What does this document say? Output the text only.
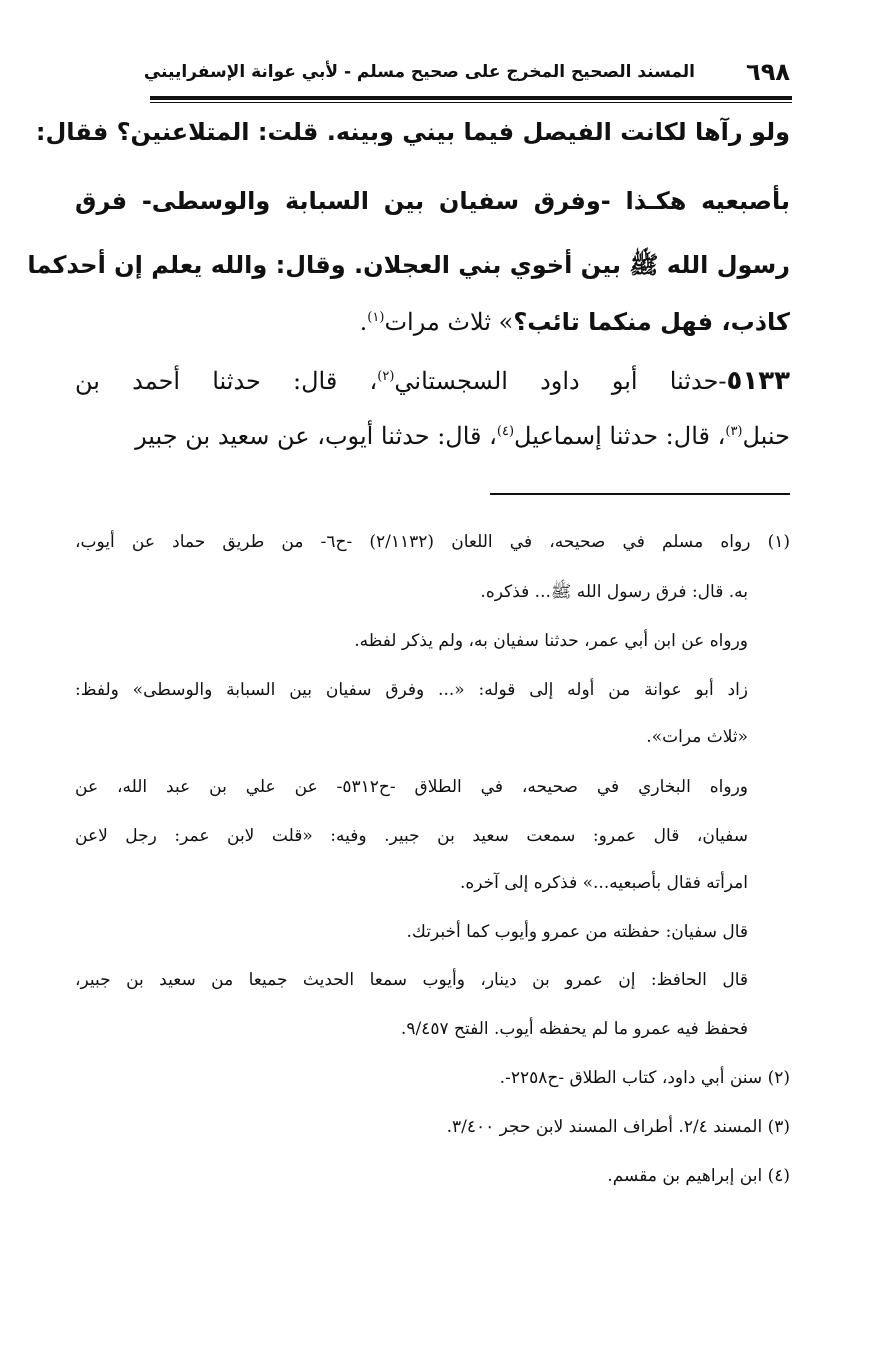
٦٩٨
المسند الصحيح المخرج على صحيح مسلم - لأبي عوانة الإسفراييني
ولو رآها لكانت الفيصل فيما بيني وبينه. قلت: المتلاعنين؟ فقال:
بأصبعيه هكـذا -وفرق سفيان بين السبابة والوسطى- فرق
رسول الله ﷺ بين أخوي بني العجلان. وقال: والله يعلم إن أحدكما
كاذب، فهل منكما تائب؟» ثلاث مرات$^{(١)}$.
٥١٣٣-حدثنا أبو داود السجستاني$^{(٢)}$، قال: حدثنا أحمد بن
حنبل$^{(٣)}$، قال: حدثنا إسماعيل$^{(٤)}$، قال: حدثنا أيوب، عن سعيد بن جبير
(١) رواه مسلم في صحيحه، في اللعان (٢/١١٣٢) -ح٦- من طريق حماد عن أيوب،
به. قال: فرق رسول الله ﷺ... فذكره.
ورواه عن ابن أبي عمر، حدثنا سفيان به، ولم يذكر لفظه.
زاد أبو عوانة من أوله إلى قوله: «... وفرق سفيان بين السبابة والوسطى» ولفظ:
«ثلاث مرات».
ورواه البخاري في صحيحه، في الطلاق -ح٥٣١٢- عن علي بن عبد الله، عن
سفيان، قال عمرو: سمعت سعيد بن جبير. وفيه: «قلت لابن عمر: رجل لاعن
امرأته فقال بأصبعيه...» فذكره إلى آخره.
قال سفيان: حفظته من عمرو وأيوب كما أخبرتك.
قال الحافظ: إن عمرو بن دينار، وأيوب سمعا الحديث جميعا من سعيد بن جبير،
فحفظ فيه عمرو ما لم يحفظه أيوب. الفتح ٩/٤٥٧.
(٢) سنن أبي داود، كتاب الطلاق -ح٢٢٥٨-.
(٣) المسند ٢/٤. أطراف المسند لابن حجر ٣/٤٠٠.
(٤) ابن إبراهيم بن مقسم.
